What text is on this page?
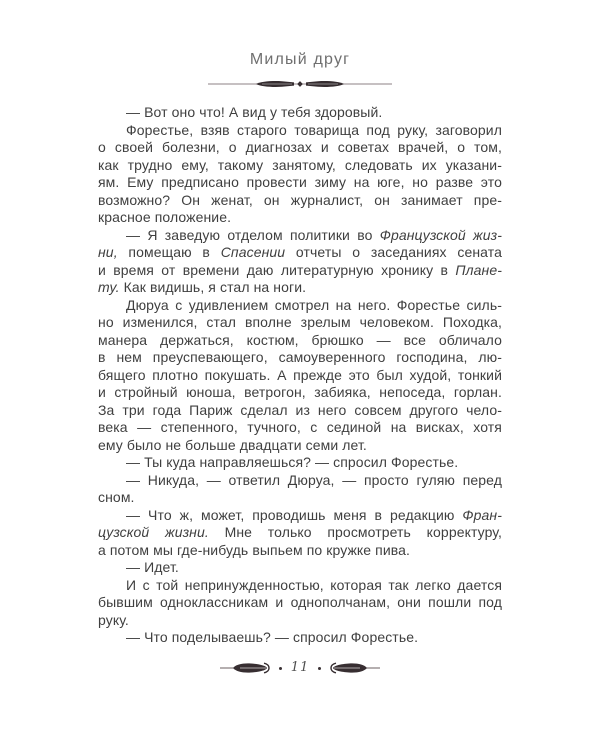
Милый друг
— Вот оно что! А вид у тебя здоровый.
Форестье, взяв старого товарища под руку, заговорил
о своей болезни, о диагнозах и советах врачей, о том,
как трудно ему, такому занятому, следовать их указани-
ям. Ему предписано провести зиму на юге, но разве это
возможно? Он женат, он журналист, он занимает пре-
красное положение.
— Я заведую отделом политики во Французской жиз-
ни, помещаю в Спасении отчеты о заседаниях сената
и время от времени даю литературную хронику в Плане-
ту. Как видишь, я стал на ноги.
Дюруа с удивлением смотрел на него. Форестье силь-
но изменился, стал вполне зрелым человеком. Походка,
манера держаться, костюм, брюшко — все обличало
в нем преуспевающего, самоуверенного господина, лю-
бящего плотно покушать. А прежде это был худой, тонкий
и стройный юноша, ветрогон, забияка, непоседа, горлан.
За три года Париж сделал из него совсем другого чело-
века — степенного, тучного, с сединой на висках, хотя
ему было не больше двадцати семи лет.
— Ты куда направляешься? — спросил Форестье.
— Никуда, — ответил Дюруа, — просто гуляю перед
сном.
— Что ж, может, проводишь меня в редакцию Фран-
цузской жизни. Мне только просмотреть корректуру,
а потом мы где-нибудь выпьем по кружке пива.
— Идет.
И с той непринужденностью, которая так легко дается
бывшим одноклассникам и однополчанам, они пошли под
руку.
— Что поделываешь? — спросил Форестье.
11
